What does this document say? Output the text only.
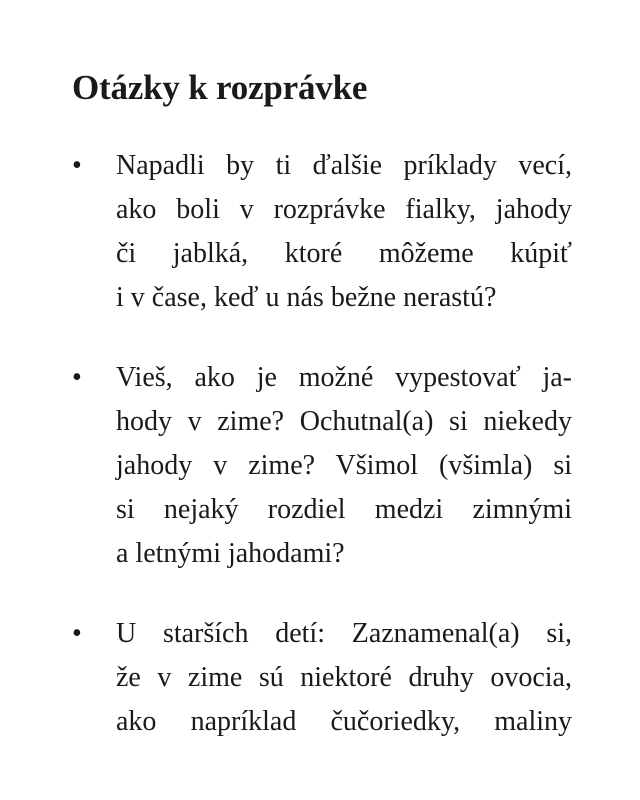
Otázky k rozprávke
• Napadli by ti ďalšie príklady vecí,
ako boli v rozprávke fialky, jahody
či jablká, ktoré môžeme kúpiť
i v čase, keď u nás bežne nerastú?
• Vieš, ako je možné vypestovať ja-
hody v zime? Ochutnal(a) si niekedy
jahody v zime? Všimol (všimla) si
si nejaký rozdiel medzi zimnými
a letnými jahodami?
• U starších detí: Zaznamenal(a) si,
že v zime sú niektoré druhy ovocia,
ako napríklad čučoriedky, maliny
